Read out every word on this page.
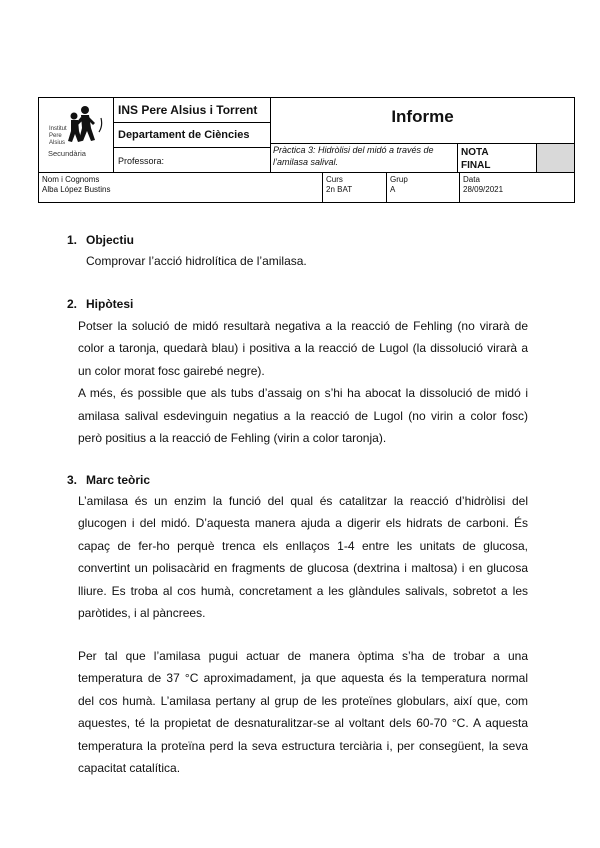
Institut
Pere
Alsius
Secundària
INS Pere Alsius i Torrent
Departament de Ciències
Professora:
Informe
Pràctica 3: Hidròlisi del midó a través de l’amilasa salival.
NOTA
FINAL
Nom i Cognoms
Alba López Bustins
Curs
2n BAT
Grup
A
Data
28/09/2021
1. Objectiu
Comprovar l’acció hidrolítica de l’amilasa.
2. Hipòtesi
Potser la solució de midó resultarà negativa a la reacció de Fehling (no virarà de
color a taronja, quedarà blau) i positiva a la reacció de Lugol (la dissolució virarà a
un color morat fosc gairebé negre).
A més, és possible que als tubs d’assaig on s’hi ha abocat la dissolució de midó i
amilasa salival esdevinguin negatius a la reacció de Lugol (no virin a color fosc)
però positius a la reacció de Fehling (virin a color taronja).
3. Marc teòric
L’amilasa és un enzim la funció del qual és catalitzar la reacció d’hidròlisi del
glucogen i del midó. D’aquesta manera ajuda a digerir els hidrats de carboni. És
capaç de fer-ho perquè trenca els enllaços 1-4 entre les unitats de glucosa,
convertint un polisacàrid en fragments de glucosa (dextrina i maltosa) i en glucosa
lliure. Es troba al cos humà, concretament a les glàndules salivals, sobretot a les
paròtides, i al pàncrees.
Per tal que l’amilasa pugui actuar de manera òptima s’ha de trobar a una
temperatura de 37 °C aproximadament, ja que aquesta és la temperatura normal
del cos humà. L’amilasa pertany al grup de les proteïnes globulars, així que, com
aquestes, té la propietat de desnaturalitzar-se al voltant dels 60-70 °C. A aquesta
temperatura la proteïna perd la seva estructura terciària i, per consegüent, la seva
capacitat catalítica.
